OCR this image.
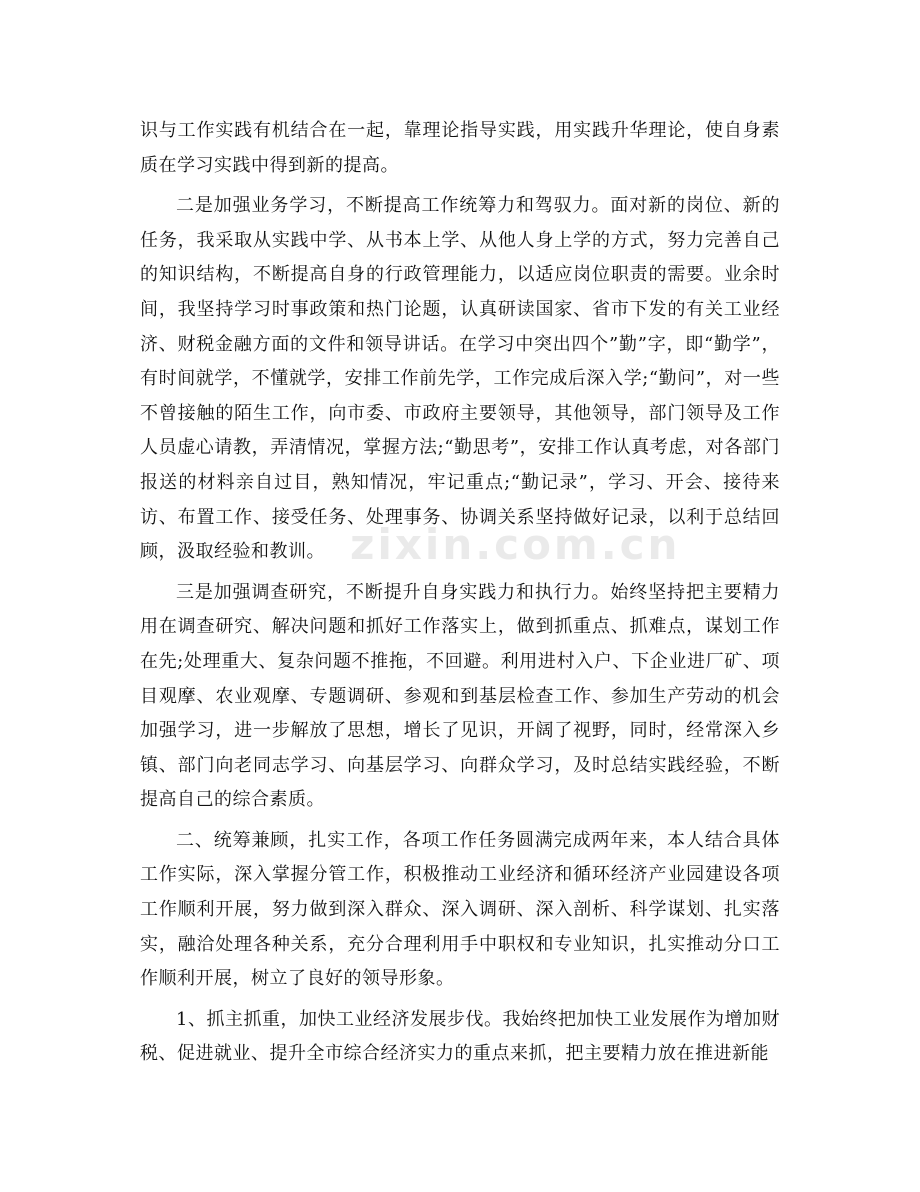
识与工作实践有机结合在一起，靠理论指导实践，用实践升华理论，使自身素质在学习实践中得到新的提高。

二是加强业务学习，不断提高工作统筹力和驾驭力。面对新的岗位、新的任务，我采取从实践中学、从书本上学、从他人身上学的方式，努力完善自己的知识结构，不断提高自身的行政管理能力，以适应岗位职责的需要。业余时间，我坚持学习时事政策和热门论题，认真研读国家、省市下发的有关工业经济、财税金融方面的文件和领导讲话。在学习中突出四个”勤”字，即“勤学”，有时间就学，不懂就学，安排工作前先学，工作完成后深入学;“勤问”，对一些不曾接触的陌生工作，向市委、市政府主要领导，其他领导，部门领导及工作人员虚心请教，弄清情况，掌握方法;“勤思考”，安排工作认真考虑，对各部门报送的材料亲自过目，熟知情况，牢记重点;“勤记录”，学习、开会、接待来访、布置工作、接受任务、处理事务、协调关系坚持做好记录，以利于总结回顾，汲取经验和教训。

三是加强调查研究，不断提升自身实践力和执行力。始终坚持把主要精力用在调查研究、解决问题和抓好工作落实上，做到抓重点、抓难点，谋划工作在先;处理重大、复杂问题不推拖，不回避。利用进村入户、下企业进厂矿、项目观摩、农业观摩、专题调研、参观和到基层检查工作、参加生产劳动的机会加强学习，进一步解放了思想，增长了见识，开阔了视野，同时，经常深入乡镇、部门向老同志学习、向基层学习、向群众学习，及时总结实践经验，不断提高自己的综合素质。

二、统筹兼顾，扎实工作，各项工作任务圆满完成两年来，本人结合具体工作实际，深入掌握分管工作，积极推动工业经济和循环经济产业园建设各项工作顺利开展，努力做到深入群众、深入调研、深入剖析、科学谋划、扎实落实，融洽处理各种关系，充分合理利用手中职权和专业知识，扎实推动分口工作顺利开展，树立了良好的领导形象。

1、抓主抓重，加快工业经济发展步伐。我始终把加快工业发展作为增加财税、促进就业、提升全市综合经济实力的重点来抓，把主要精力放在推进新能

zixin.com.cn
